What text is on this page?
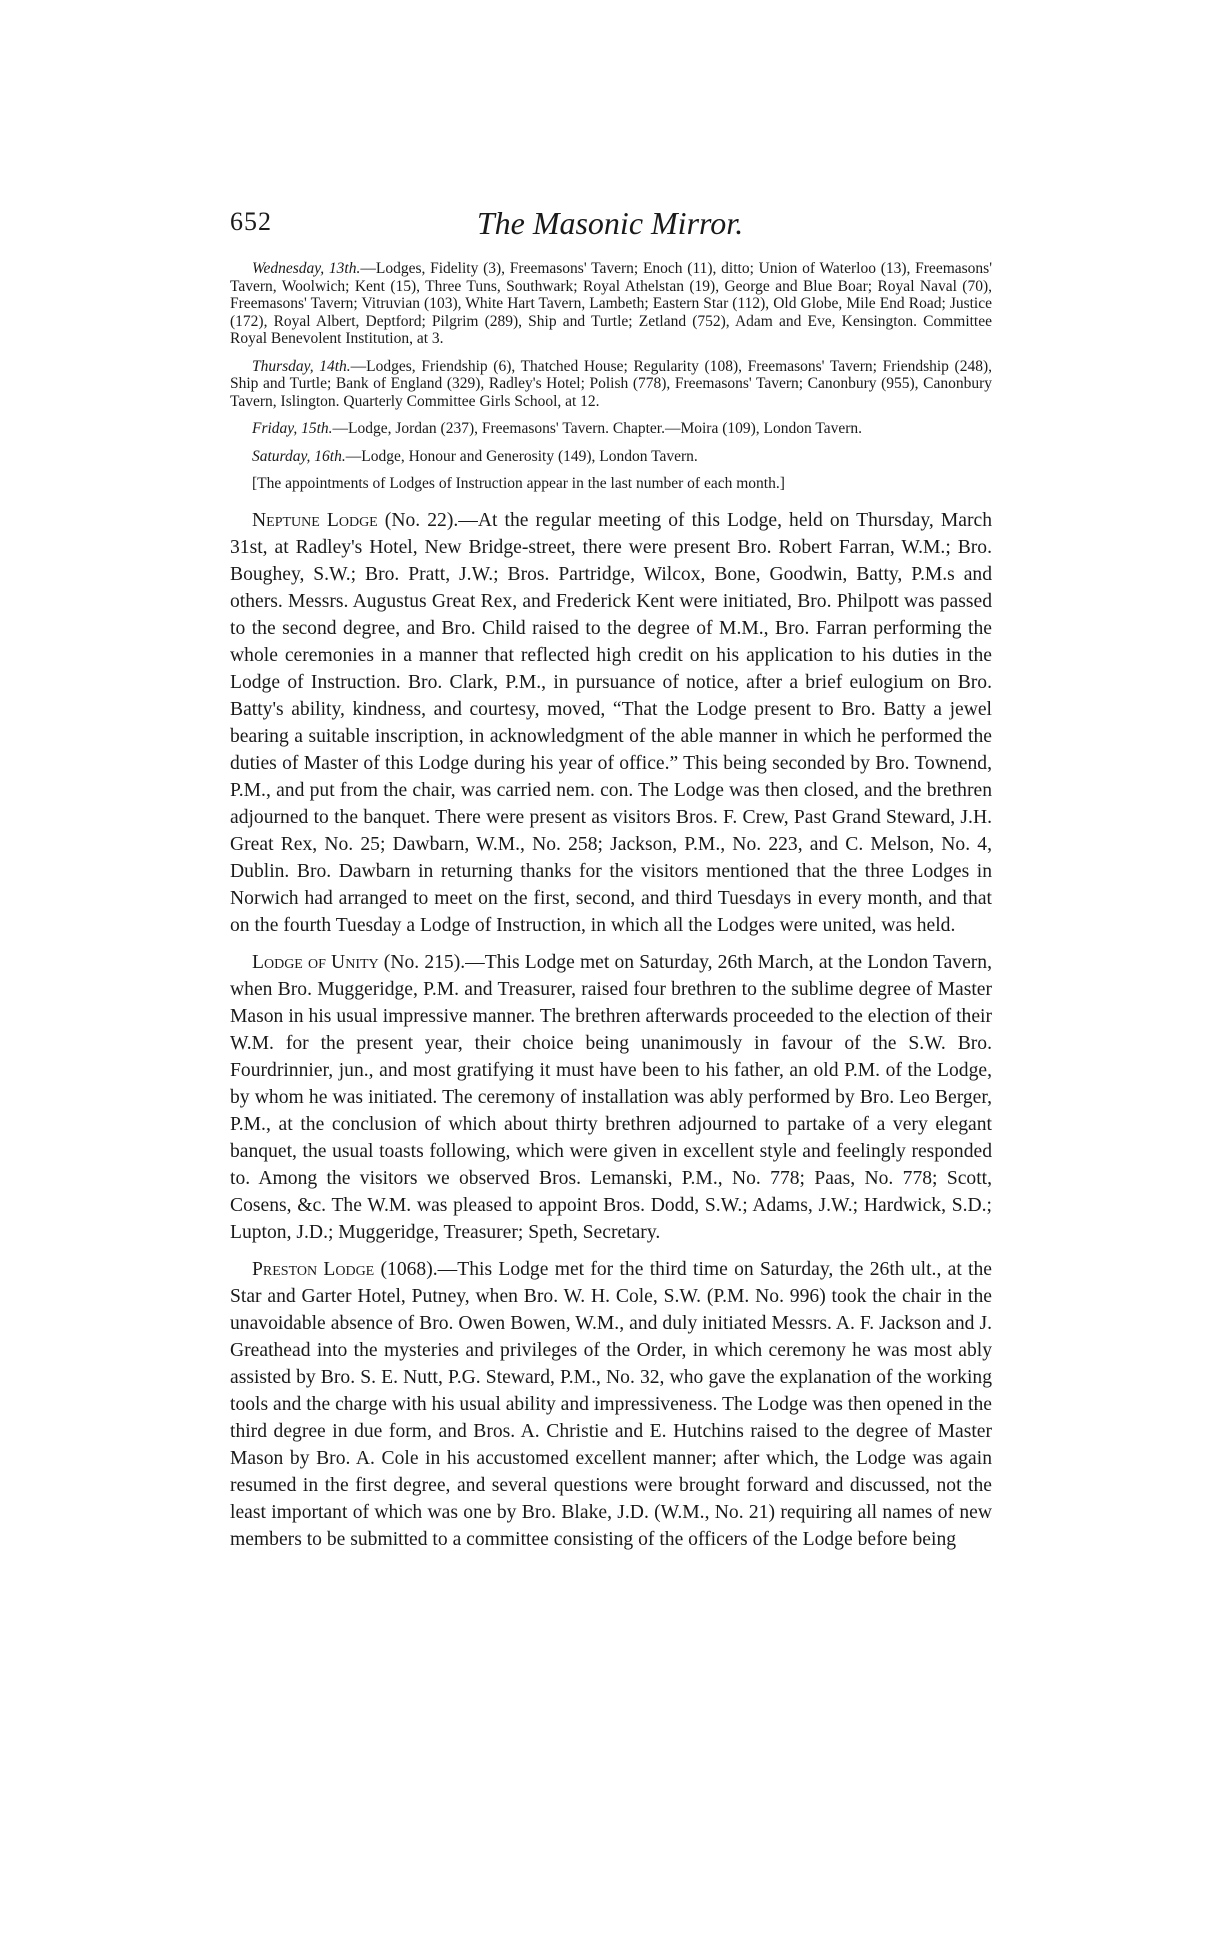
652	The Masonic Mirror.

Wednesday, 13th.—Lodges, Fidelity (3), Freemasons' Tavern; Enoch (11), ditto; Union of Waterloo (13), Freemasons' Tavern, Woolwich; Kent (15), Three Tuns, Southwark; Royal Athelstan (19), George and Blue Boar; Royal Naval (70), Freemasons' Tavern; Vitruvian (103), White Hart Tavern, Lambeth; Eastern Star (112), Old Globe, Mile End Road; Justice (172), Royal Albert, Deptford; Pilgrim (289), Ship and Turtle; Zetland (752), Adam and Eve, Kensington. Committee Royal Benevolent Institution, at 3.

Thursday, 14th.—Lodges, Friendship (6), Thatched House; Regularity (108), Freemasons' Tavern; Friendship (248), Ship and Turtle; Bank of England (329), Radley's Hotel; Polish (778), Freemasons' Tavern; Canonbury (955), Canonbury Tavern, Islington. Quarterly Committee Girls School, at 12.

Friday, 15th.—Lodge, Jordan (237), Freemasons' Tavern. Chapter.—Moira (109), London Tavern.

Saturday, 16th.—Lodge, Honour and Generosity (149), London Tavern.

[The appointments of Lodges of Instruction appear in the last number of each month.]

Neptune Lodge (No. 22).—At the regular meeting of this Lodge, held on Thursday, March 31st, at Radley's Hotel, New Bridge-street, there were present Bro. Robert Farran, W.M.; Bro. Boughey, S.W.; Bro. Pratt, J.W.; Bros. Partridge, Wilcox, Bone, Goodwin, Batty, P.M.s and others. Messrs. Augustus Great Rex, and Frederick Kent were initiated, Bro. Philpott was passed to the second degree, and Bro. Child raised to the degree of M.M., Bro. Farran performing the whole ceremonies in a manner that reflected high credit on his application to his duties in the Lodge of Instruction. Bro. Clark, P.M., in pursuance of notice, after a brief eulogium on Bro. Batty's ability, kindness, and courtesy, moved, “That the Lodge present to Bro. Batty a jewel bearing a suitable inscription, in acknowledgment of the able manner in which he performed the duties of Master of this Lodge during his year of office.” This being seconded by Bro. Townend, P.M., and put from the chair, was carried nem. con. The Lodge was then closed, and the brethren adjourned to the banquet. There were present as visitors Bros. F. Crew, Past Grand Steward, J.H. Great Rex, No. 25; Dawbarn, W.M., No. 258; Jackson, P.M., No. 223, and C. Melson, No. 4, Dublin. Bro. Dawbarn in returning thanks for the visitors mentioned that the three Lodges in Norwich had arranged to meet on the first, second, and third Tuesdays in every month, and that on the fourth Tuesday a Lodge of Instruction, in which all the Lodges were united, was held.

Lodge of Unity (No. 215).—This Lodge met on Saturday, 26th March, at the London Tavern, when Bro. Muggeridge, P.M. and Treasurer, raised four brethren to the sublime degree of Master Mason in his usual impressive manner. The brethren afterwards proceeded to the election of their W.M. for the present year, their choice being unanimously in favour of the S.W. Bro. Fourdrinnier, jun., and most gratifying it must have been to his father, an old P.M. of the Lodge, by whom he was initiated. The ceremony of installation was ably performed by Bro. Leo Berger, P.M., at the conclusion of which about thirty brethren adjourned to partake of a very elegant banquet, the usual toasts following, which were given in excellent style and feelingly responded to. Among the visitors we observed Bros. Lemanski, P.M., No. 778; Paas, No. 778; Scott, Cosens, &c. The W.M. was pleased to appoint Bros. Dodd, S.W.; Adams, J.W.; Hardwick, S.D.; Lupton, J.D.; Muggeridge, Treasurer; Speth, Secretary.

Preston Lodge (1068).—This Lodge met for the third time on Saturday, the 26th ult., at the Star and Garter Hotel, Putney, when Bro. W. H. Cole, S.W. (P.M. No. 996) took the chair in the unavoidable absence of Bro. Owen Bowen, W.M., and duly initiated Messrs. A. F. Jackson and J. Greathead into the mysteries and privileges of the Order, in which ceremony he was most ably assisted by Bro. S. E. Nutt, P.G. Steward, P.M., No. 32, who gave the explanation of the working tools and the charge with his usual ability and impressiveness. The Lodge was then opened in the third degree in due form, and Bros. A. Christie and E. Hutchins raised to the degree of Master Mason by Bro. A. Cole in his accustomed excellent manner; after which, the Lodge was again resumed in the first degree, and several questions were brought forward and discussed, not the least important of which was one by Bro. Blake, J.D. (W.M., No. 21) requiring all names of new members to be submitted to a committee consisting of the officers of the Lodge before being
